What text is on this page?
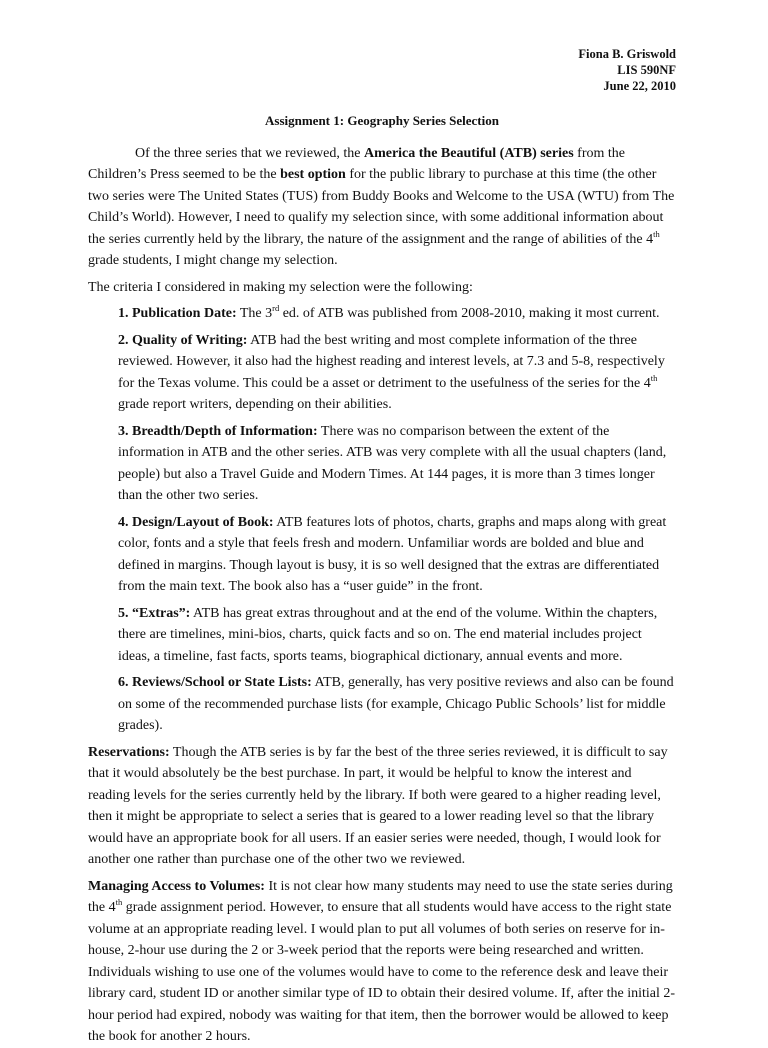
Fiona B. Griswold
LIS 590NF
June 22, 2010
Assignment 1: Geography Series Selection

Of the three series that we reviewed, the America the Beautiful (ATB) series from the Children’s Press seemed to be the best option for the public library to purchase at this time (the other two series were The United States (TUS) from Buddy Books and Welcome to the USA (WTU) from The Child’s World). However, I need to qualify my selection since, with some additional information about the series currently held by the library, the nature of the assignment and the range of abilities of the 4th grade students, I might change my selection.

The criteria I considered in making my selection were the following:

1. Publication Date: The 3rd ed. of ATB was published from 2008-2010, making it most current.

2. Quality of Writing: ATB had the best writing and most complete information of the three reviewed. However, it also had the highest reading and interest levels, at 7.3 and 5-8, respectively for the Texas volume. This could be a asset or detriment to the usefulness of the series for the 4th grade report writers, depending on their abilities.

3. Breadth/Depth of Information: There was no comparison between the extent of the information in ATB and the other series. ATB was very complete with all the usual chapters (land, people) but also a Travel Guide and Modern Times. At 144 pages, it is more than 3 times longer than the other two series.

4. Design/Layout of Book: ATB features lots of photos, charts, graphs and maps along with great color, fonts and a style that feels fresh and modern. Unfamiliar words are bolded and blue and defined in margins. Though layout is busy, it is so well designed that the extras are differentiated from the main text. The book also has a “user guide” in the front.

5. “Extras”: ATB has great extras throughout and at the end of the volume. Within the chapters, there are timelines, mini-bios, charts, quick facts and so on. The end material includes project ideas, a timeline, fast facts, sports teams, biographical dictionary, annual events and more.

6. Reviews/School or State Lists: ATB, generally, has very positive reviews and also can be found on some of the recommended purchase lists (for example, Chicago Public Schools’ list for middle grades).

Reservations: Though the ATB series is by far the best of the three series reviewed, it is difficult to say that it would absolutely be the best purchase. In part, it would be helpful to know the interest and reading levels for the series currently held by the library. If both were geared to a higher reading level, then it might be appropriate to select a series that is geared to a lower reading level so that the library would have an appropriate book for all users. If an easier series were needed, though, I would look for another one rather than purchase one of the other two we reviewed.

Managing Access to Volumes: It is not clear how many students may need to use the state series during the 4th grade assignment period. However, to ensure that all students would have access to the right state volume at an appropriate reading level. I would plan to put all volumes of both series on reserve for in-house, 2-hour use during the 2 or 3-week period that the reports were being researched and written. Individuals wishing to use one of the volumes would have to come to the reference desk and leave their library card, student ID or another similar type of ID to obtain their desired volume. If, after the initial 2-hour period had expired, nobody was waiting for that item, then the borrower would be allowed to keep the book for another 2 hours.
